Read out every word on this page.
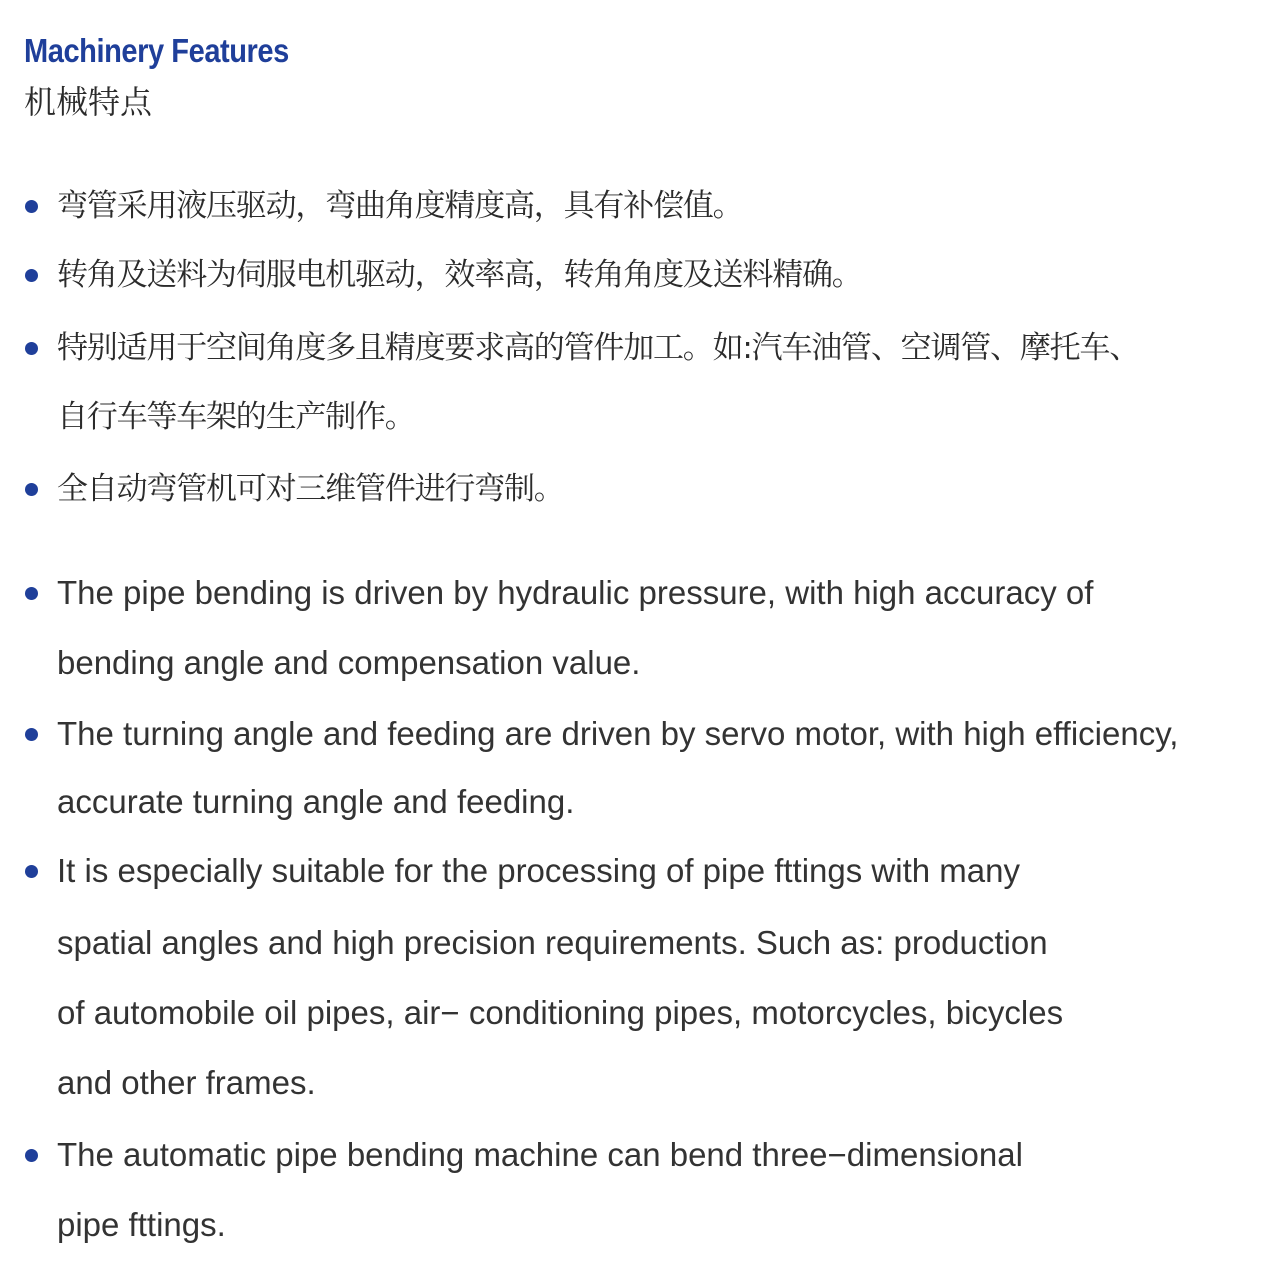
Machinery Features
机械特点
弯管采用液压驱动，弯曲角度精度高，具有补偿值。
转角及送料为伺服电机驱动，效率高，转角角度及送料精确。
特别适用于空间角度多且精度要求高的管件加工。如:汽车油管、空调管、摩托车、
自行车等车架的生产制作。
全自动弯管机可对三维管件进行弯制。
The pipe bending is driven by hydraulic pressure, with high accuracy of
bending angle and compensation value.
The turning angle and feeding are driven by servo motor, with high efficiency,
accurate turning angle and feeding.
It is especially suitable for the processing of pipe fttings with many
spatial angles and high precision requirements. Such as: production
of automobile oil pipes, air− conditioning pipes, motorcycles, bicycles
and other frames.
The automatic pipe bending machine can bend three−dimensional
pipe fttings.
